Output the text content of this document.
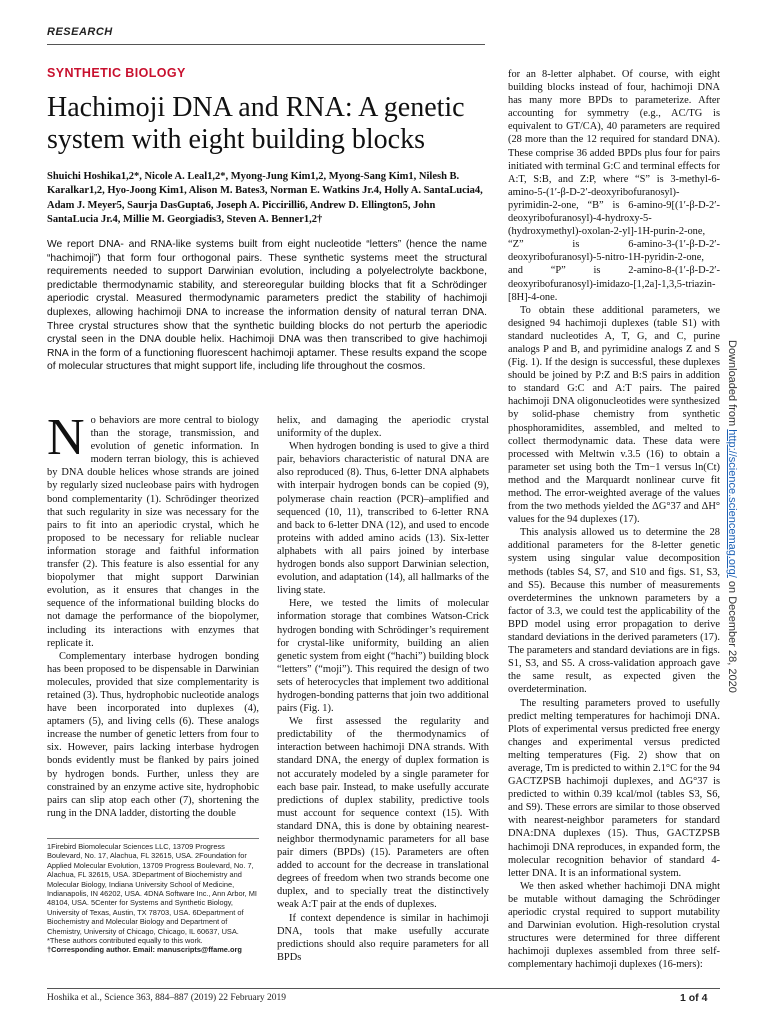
RESEARCH
SYNTHETIC BIOLOGY
Hachimoji DNA and RNA: A genetic system with eight building blocks
Shuichi Hoshika1,2*, Nicole A. Leal1,2*, Myong-Jung Kim1,2, Myong-Sang Kim1, Nilesh B. Karalkar1,2, Hyo-Joong Kim1, Alison M. Bates3, Norman E. Watkins Jr.4, Holly A. SantaLucia4, Adam J. Meyer5, Saurja DasGupta6, Joseph A. Piccirilli6, Andrew D. Ellington5, John SantaLucia Jr.4, Millie M. Georgiadis3, Steven A. Benner1,2†
We report DNA- and RNA-like systems built from eight nucleotide “letters” (hence the name “hachimoji”) that form four orthogonal pairs. These synthetic systems meet the structural requirements needed to support Darwinian evolution, including a polyelectrolyte backbone, predictable thermodynamic stability, and stereoregular building blocks that fit a Schrödinger aperiodic crystal. Measured thermodynamic parameters predict the stability of hachimoji duplexes, allowing hachimoji DNA to increase the information density of natural terran DNA. Three crystal structures show that the synthetic building blocks do not perturb the aperiodic crystal seen in the DNA double helix. Hachimoji DNA was then transcribed to give hachimoji RNA in the form of a functioning fluorescent hachimoji aptamer. These results expand the scope of molecular structures that might support life, including life throughout the cosmos.

No behaviors are more central to biology than the storage, transmission, and evolution of genetic information. In modern terran biology, this is achieved by DNA double helices whose strands are joined by regularly sized nucleobase pairs with hydrogen bond complementarity (1). Schrödinger theorized that such regularity in size was necessary for the pairs to fit into an aperiodic crystal, which he proposed to be necessary for reliable nuclear information storage and faithful information transfer (2). This feature is also essential for any biopolymer that might support Darwinian evolution, as it ensures that changes in the sequence of the informational building blocks do not damage the performance of the biopolymer, including its interactions with enzymes that replicate it.

Complementary interbase hydrogen bonding has been proposed to be dispensable in Darwinian molecules, provided that size complementarity is retained (3). Thus, hydrophobic nucleotide analogs have been incorporated into duplexes (4), aptamers (5), and living cells (6). These analogs increase the number of genetic letters from four to six. However, pairs lacking interbase hydrogen bonds evidently must be flanked by pairs joined by hydrogen bonds. Further, unless they are constrained by an enzyme active site, hydrophobic pairs can slip atop each other (7), shortening the rung in the DNA ladder, distorting the double

helix, and damaging the aperiodic crystal uniformity of the duplex.

When hydrogen bonding is used to give a third pair, behaviors characteristic of natural DNA are also reproduced (8). Thus, 6-letter DNA alphabets with interpair hydrogen bonds can be copied (9), polymerase chain reaction (PCR)–amplified and sequenced (10, 11), transcribed to 6-letter RNA and back to 6-letter DNA (12), and used to encode proteins with added amino acids (13). Six-letter alphabets with all pairs joined by interbase hydrogen bonds also support Darwinian selection, evolution, and adaptation (14), all hallmarks of the living state.

Here, we tested the limits of molecular information storage that combines Watson-Crick hydrogen bonding with Schrödinger’s requirement for crystal-like uniformity, building an alien genetic system from eight (“hachi”) building block “letters” (“moji”). This required the design of two sets of heterocycles that implement two additional hydrogen-bonding patterns that join two additional pairs (Fig. 1).

We first assessed the regularity and predictability of the thermodynamics of interaction between hachimoji DNA strands. With standard DNA, the energy of duplex formation is not accurately modeled by a single parameter for each base pair. Instead, to make usefully accurate predictions of duplex stability, predictive tools must account for sequence context (15). With standard DNA, this is done by obtaining nearest-neighbor thermodynamic parameters for all base pair dimers (BPDs) (15). Parameters are often added to account for the decrease in translational degrees of freedom when two strands become one duplex, and to specially treat the distinctively weak A:T pair at the ends of duplexes.

If context dependence is similar in hachimoji DNA, tools that make usefully accurate predictions should also require parameters for all BPDs

for an 8-letter alphabet. Of course, with eight building blocks instead of four, hachimoji DNA has many more BPDs to parameterize. After accounting for symmetry (e.g., AC/TG is equivalent to GT/CA), 40 parameters are required (28 more than the 12 required for standard DNA). These comprise 36 added BPDs plus four for pairs initiated with terminal G:C and terminal effects for A:T, S:B, and Z:P, where “S” is 3-methyl-6-amino-5-(1′-β-D-2′-deoxyribofuranosyl)-pyrimidin-2-one, “B” is 6-amino-9[(1′-β-D-2′-deoxyribofuranosyl)-4-hydroxy-5-(hydroxymethyl)-oxolan-2-yl]-1H-purin-2-one, “Z” is 6-amino-3-(1′-β-D-2′-deoxyribofuranosyl)-5-nitro-1H-pyridin-2-one, and “P” is 2-amino-8-(1′-β-D-2′-deoxyribofuranosyl)-imidazo-[1,2a]-1,3,5-triazin-[8H]-4-one.

To obtain these additional parameters, we designed 94 hachimoji duplexes (table S1) with standard nucleotides A, T, G, and C, purine analogs P and B, and pyrimidine analogs Z and S (Fig. 1). If the design is successful, these duplexes should be joined by P:Z and B:S pairs in addition to standard G:C and A:T pairs. The paired hachimoji DNA oligonucleotides were synthesized by solid-phase chemistry from synthetic phosphoramidites, assembled, and melted to collect thermodynamic data. These data were processed with Meltwin v.3.5 (16) to obtain a parameter set using both the Tm−1 versus ln(Ct) method and the Marquardt nonlinear curve fit method. The error-weighted average of the values from the two methods yielded the ΔG°37 and ΔH° values for the 94 duplexes (17).

This analysis allowed us to determine the 28 additional parameters for the 8-letter genetic system using singular value decomposition methods (tables S4, S7, and S10 and figs. S1, S3, and S5). Because this number of measurements overdetermines the unknown parameters by a factor of 3.3, we could test the applicability of the BPD model using error propagation to derive standard deviations in the derived parameters (17). The parameters and standard deviations are in figs. S1, S3, and S5. A cross-validation approach gave the same result, as expected given the overdetermination.

The resulting parameters proved to usefully predict melting temperatures for hachimoji DNA. Plots of experimental versus predicted free energy changes and experimental versus predicted melting temperatures (Fig. 2) show that on average, Tm is predicted to within 2.1°C for the 94 GACTZPSB hachimoji duplexes, and ΔG°37 is predicted to within 0.39 kcal/mol (tables S3, S6, and S9). These errors are similar to those observed with nearest-neighbor parameters for standard DNA:DNA duplexes (15). Thus, GACTZPSB hachimoji DNA reproduces, in expanded form, the molecular recognition behavior of standard 4-letter DNA. It is an informational system.

We then asked whether hachimoji DNA might be mutable without damaging the Schrödinger aperiodic crystal required to support mutability and Darwinian evolution. High-resolution crystal structures were determined for three different hachimoji duplexes assembled from three self-complementary hachimoji duplexes (16-mers):

1Firebird Biomolecular Sciences LLC, 13709 Progress Boulevard, No. 17, Alachua, FL 32615, USA. 2Foundation for Applied Molecular Evolution, 13709 Progress Boulevard, No. 7, Alachua, FL 32615, USA. 3Department of Biochemistry and Molecular Biology, Indiana University School of Medicine, Indianapolis, IN 46202, USA. 4DNA Software Inc., Ann Arbor, MI 48104, USA. 5Center for Systems and Synthetic Biology, University of Texas, Austin, TX 78703, USA. 6Department of Biochemistry and Molecular Biology and Department of Chemistry, University of Chicago, Chicago, IL 60637, USA.
*These authors contributed equally to this work.
†Corresponding author. Email: manuscripts@ffame.org
Hoshika et al., Science 363, 884–887 (2019) 22 February 2019	1 of 4
Downloaded from http://science.sciencemag.org/ on December 28, 2020
